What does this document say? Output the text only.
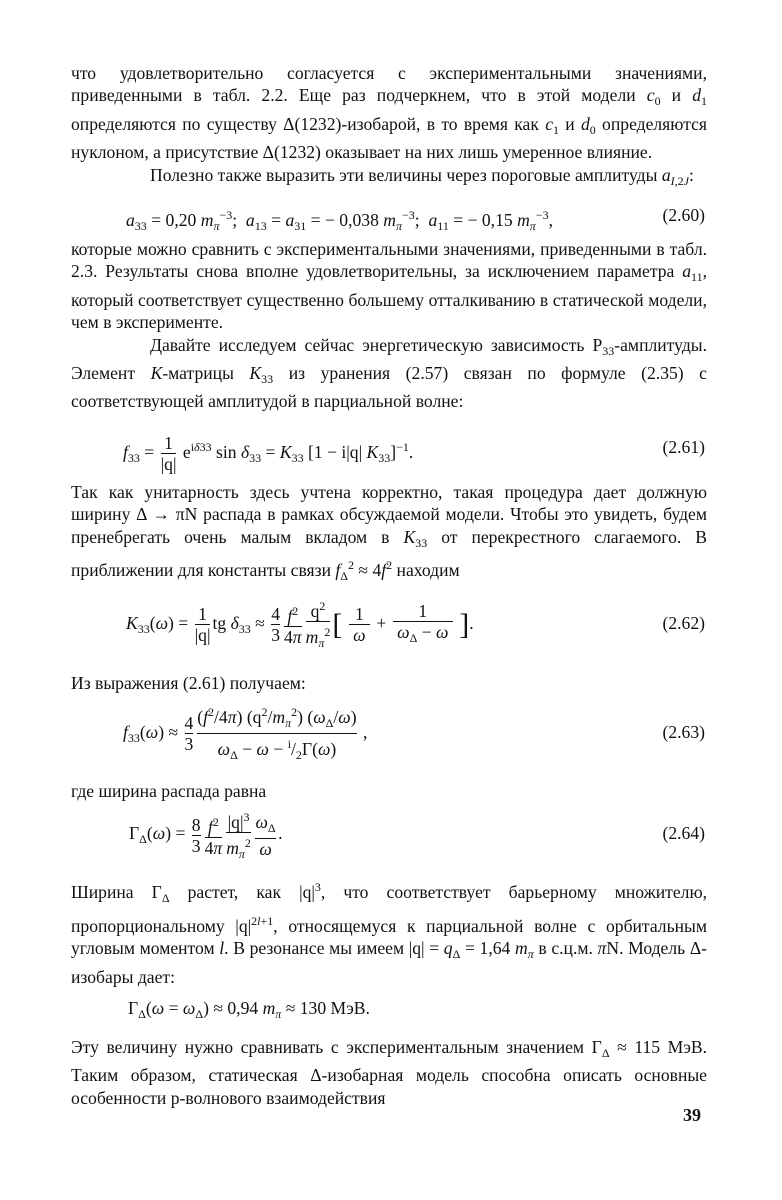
что удовлетворительно согласуется с экспериментальными значениями, приведенными в табл. 2.2. Еще раз подчеркнем, что в этой модели $c_0$ и $d_1$ определяются по существу Δ(1232)-изобарой, в то время как $c_1$ и $d_0$ определяются нуклоном, а присутствие Δ(1232) оказывает на них лишь умеренное влияние.

Полезно также выразить эти величины через пороговые амплитуды $a_{I,2J}$:

$a_{33} = 0,20$ $m_\pi^{-3}$;  $a_{13} = a_{31}$ = − 0,038 $m_\pi^{-3}$;  $a_{11}$ = − 0,15 $m_\pi^{-3}$,	(2.60)

которые можно сравнить с экспериментальными значениями, приведенными в табл. 2.3. Результаты снова вполне удовлетворительны, за исключением параметра $a_{11}$, который соответствует существенно большему отталкиванию в статической модели, чем в эксперименте.

Давайте исследуем сейчас энергетическую зависимость $P_{33}$-амплитуды. Элемент K-матрицы $K_{33}$ из уранения (2.57) связан по формуле (2.35) с соответствующей амплитудой в парциальной волне:

$f_{33} = \frac{1}{|q|} e^{i\delta 33}$ $\sin \delta_{33} = K_{33}$ [1 − i|q| $K_{33}]^{-1}$.	(2.61)

Так как унитарность здесь учтена корректно, такая процедура дает должную ширину Δ → πN распада в рамках обсуждаемой модели. Чтобы это увидеть, будем пренебрегать очень малым вкладом в $K_{33}$ от перекрестного слагаемого. В приближении для константы связи $f_\Delta^2 \approx 4f^2$ находим

$K_{33}(\omega) = \frac{1}{|q|}$ tg $\delta_{33} \approx \frac{4}{3} \frac{f^2}{4\pi} \frac{q^2}{m_\pi^2}$ [ $\frac{1}{\omega} + \frac{1}{\omega_\Delta - \omega}$ ].	(2.62)

Из выражения (2.61) получаем:

$f_{33}(\omega) \approx \frac{4}{3} \frac{(f^2/4\pi) (q^2/m_\pi^2) (\omega_\Delta/\omega)}{\omega_\Delta - \omega - ^i/_2\Gamma(\omega)}$ ,	(2.63)

где ширина распада равна

$\Gamma_\Delta(\omega) = \frac{8}{3} \frac{f^2}{4\pi} \frac{|q|^3}{m_\pi^2} \frac{\omega_\Delta}{\omega}$ .	(2.64)

Ширина $\Gamma_\Delta$ растет, как $|q|^3$, что соответствует барьерному множителю, пропорциональному $|q|^{2l+1}$, относящемуся к парциальной волне с орбитальным угловым моментом l. В резонансе мы имеем $|q| = q_\Delta = 1,64$ $m_\pi$ в с.ц.м. πN. Модель Δ-изобары дает:

$\Gamma_\Delta(\omega = \omega_\Delta) \approx 0,94$ $m_\pi \approx 130$ МэВ.

Эту величину нужно сравнивать с экспериментальным значением $\Gamma_\Delta \approx 115$ МэВ. Таким образом, статическая Δ-изобарная модель способна описать основные особенности p-волнового взаимодействия

39
